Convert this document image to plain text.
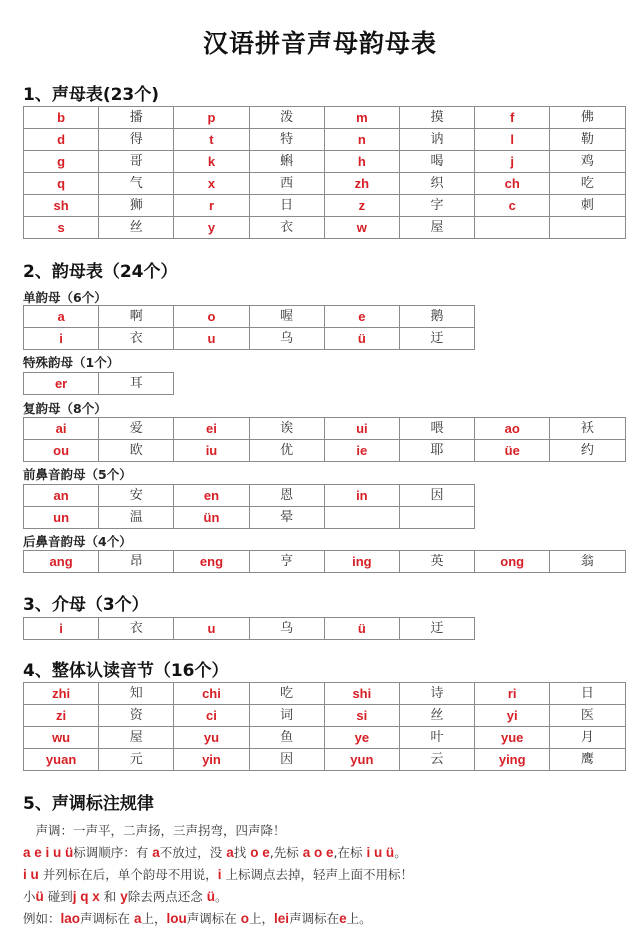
汉语拼音声母韵母表
1、声母表(23个)
b	播	p	泼	m	摸	f	佛
d	得	t	特	n	讷	l	勒
g	哥	k	蝌	h	喝	j	鸡
q	气	x	西	zh	织	ch	吃
sh	狮	r	日	z	字	c	刺
s	丝	y	衣	w	屋		
2、韵母表（24个）
单韵母（6个）
a	啊	o	喔	e	鹅
i	衣	u	乌	ü	迂
特殊韵母（1个）
er	耳
复韵母（8个）
ai	爱	ei	诶	ui	喂	ao	袄
ou	欧	iu	优	ie	耶	üe	约
前鼻音韵母（5个）
an	安	en	恩	in	因
un	温	ün	晕		
后鼻音韵母（4个）
ang	昂	eng	亨	ing	英	ong	翁
3、介母（3个）
i	衣	u	乌	ü	迂
4、整体认读音节（16个）
zhi	知	chi	吃	shi	诗	ri	日
zi	资	ci	词	si	丝	yi	医
wu	屋	yu	鱼	ye	叶	yue	月
yuan	元	yin	因	yun	云	ying	鹰
5、声调标注规律
　声调：一声平，二声扬，三声拐弯，四声降！
a e i u ü标调顺序：有 a不放过，没 a找 o e,先标 a o e,在标 i u ü。
i u 并列标在后，单个韵母不用说，i 上标调点去掉，轻声上面不用标！
小ü 碰到j q x 和 y除去两点还念 ü。
例如：lao声调标在 a上，lou声调标在 o上，lei声调标在e上。
